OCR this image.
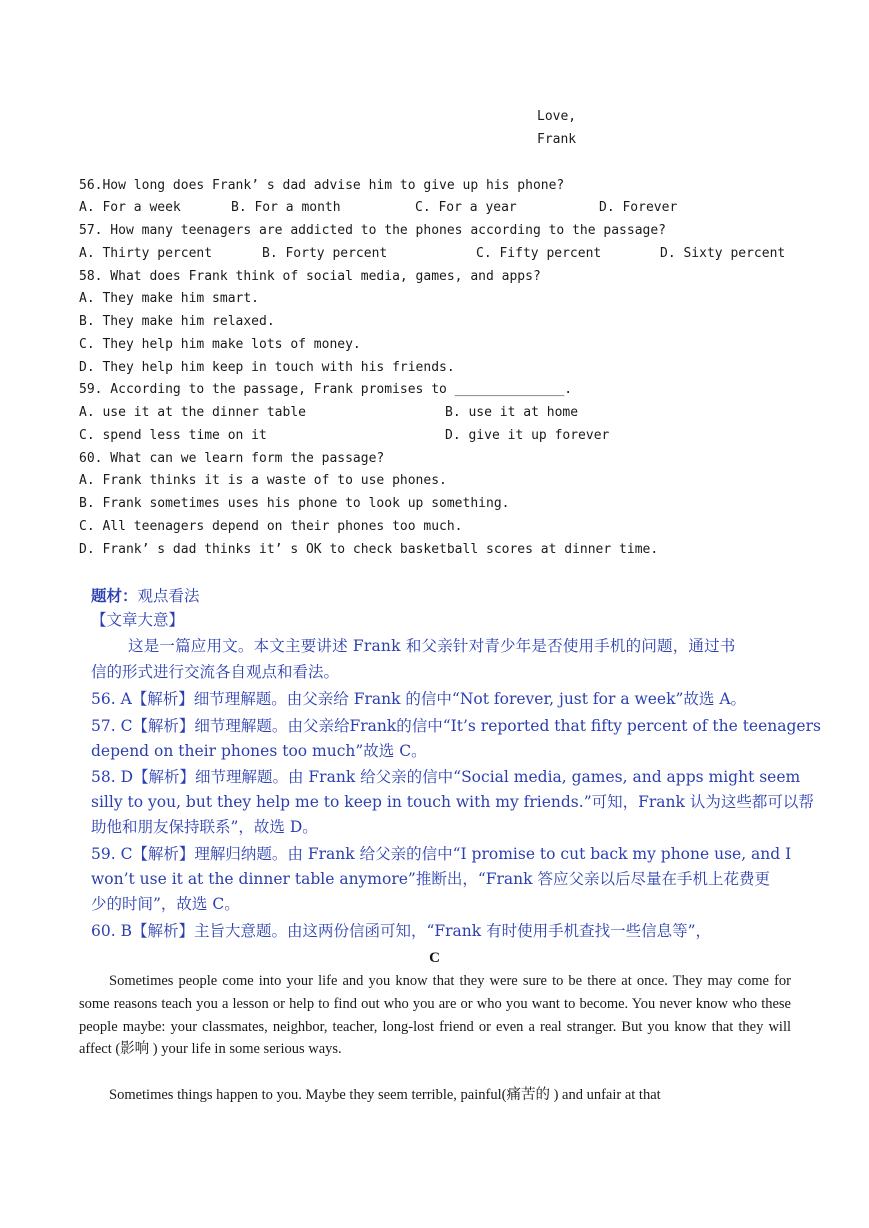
Love,
Frank
56.How long does Frank’ s dad advise him to give up his phone?
A. For a week	B. For a month	C. For a year	D. Forever
57. How many teenagers are addicted to the phones according to the passage?
A. Thirty percent	B. Forty percent	C. Fifty percent	D. Sixty percent
58. What does Frank think of social media, games, and apps?
A. They make him smart.
B. They make him relaxed.
C. They help him make lots of money.
D. They help him keep in touch with his friends.
59. According to the passage, Frank promises to ______________.
A. use it at the dinner table	B. use it at home
C. spend less time on it	D. give it up forever
60. What can we learn form the passage?
A. Frank thinks it is a waste of to use phones.
B. Frank sometimes uses his phone to look up something.
C. All teenagers depend on their phones too much.
D. Frank’ s dad thinks it’ s OK to check basketball scores at dinner time.
题材：观点看法
【文章大意】
这是一篇应用文。本文主要讲述 Frank 和父亲针对青少年是否使用手机的问题，通过书
信的形式进行交流各自观点和看法。
56. A【解析】细节理解题。由父亲给 Frank 的信中“Not forever, just for a week”故选 A。
57. C【解析】细节理解题。由父亲给Frank的信中“It’s reported that fifty percent of the teenagers
depend on their phones too much”故选 C。
58. D【解析】细节理解题。由 Frank 给父亲的信中“Social media, games, and apps might seem
silly to you, but they help me to keep in touch with my friends.”可知，Frank 认为这些都可以帮
助他和朋友保持联系”，故选 D。
59. C【解析】理解归纳题。由 Frank 给父亲的信中“I promise to cut back my phone use, and I
won’t use it at the dinner table anymore”推断出，“Frank 答应父亲以后尽量在手机上花费更
少的时间”，故选 C。
60. B【解析】主旨大意题。由这两份信函可知，“Frank 有时使用手机查找一些信息等”，
C
Sometimes people come into your life and you know that they were sure to be there at once. They may come for some reasons teach you a lesson or help to find out who you are or who you want to become. You never know who these people maybe: your classmates, neighbor, teacher, long-lost friend or even a real stranger. But you know that they will affect (影响 ) your life in some serious ways.
Sometimes things happen to you. Maybe they seem terrible, painful(痛苦的 ) and unfair at that
